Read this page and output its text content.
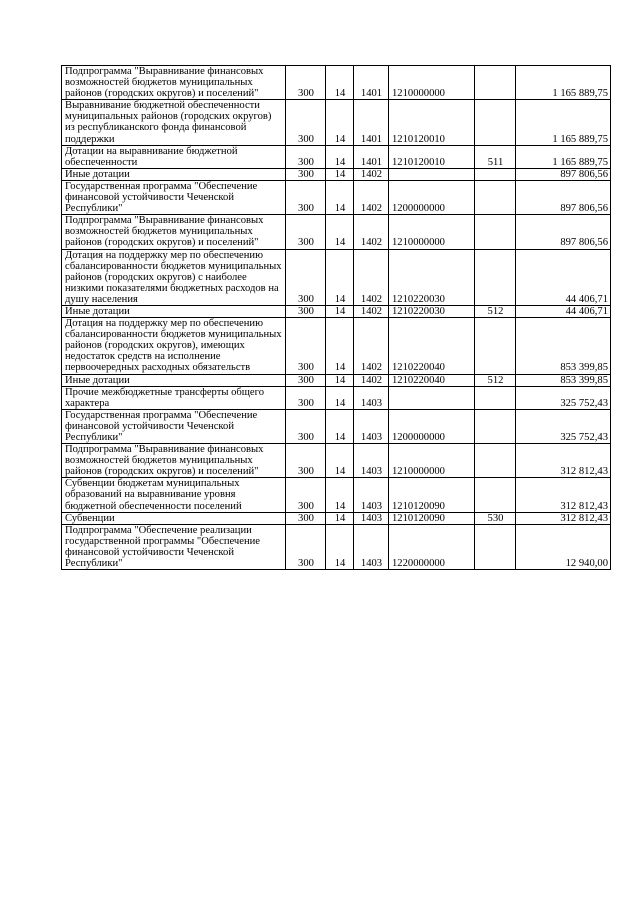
Подпрограмма "Выравнивание финансовых возможностей бюджетов муниципальных районов (городских округов) и поселений"	300	14	1401	1210000000		1 165 889,75
Выравнивание бюджетной обеспеченности муниципальных районов (городских округов) из республиканского фонда финансовой поддержки	300	14	1401	1210120010		1 165 889,75
Дотации на выравнивание бюджетной обеспеченности	300	14	1401	1210120010	511	1 165 889,75
Иные дотации	300	14	1402			897 806,56
Государственная программа "Обеспечение финансовой устойчивости Чеченской Республики"	300	14	1402	1200000000		897 806,56
Подпрограмма "Выравнивание финансовых возможностей бюджетов муниципальных районов (городских округов) и поселений"	300	14	1402	1210000000		897 806,56
Дотация на поддержку мер по обеспечению сбалансированности бюджетов муниципальных районов (городских округов) с наиболее низкими показателями бюджетных расходов на душу населения	300	14	1402	1210220030		44 406,71
Иные дотации	300	14	1402	1210220030	512	44 406,71
Дотация на поддержку мер по обеспечению сбалансированности бюджетов муниципальных районов (городских округов), имеющих недостаток средств на исполнение первоочередных расходных обязательств	300	14	1402	1210220040		853 399,85
Иные дотации	300	14	1402	1210220040	512	853 399,85
Прочие межбюджетные трансферты общего характера	300	14	1403			325 752,43
Государственная программа "Обеспечение финансовой устойчивости Чеченской Республики"	300	14	1403	1200000000		325 752,43
Подпрограмма "Выравнивание финансовых возможностей бюджетов муниципальных районов (городских округов) и поселений"	300	14	1403	1210000000		312 812,43
Субвенции бюджетам муниципальных образований на выравнивание уровня бюджетной обеспеченности поселений	300	14	1403	1210120090		312 812,43
Субвенции	300	14	1403	1210120090	530	312 812,43
Подпрограмма "Обеспечение реализации государственной программы "Обеспечение финансовой устойчивости Чеченской Республики"	300	14	1403	1220000000		12 940,00
